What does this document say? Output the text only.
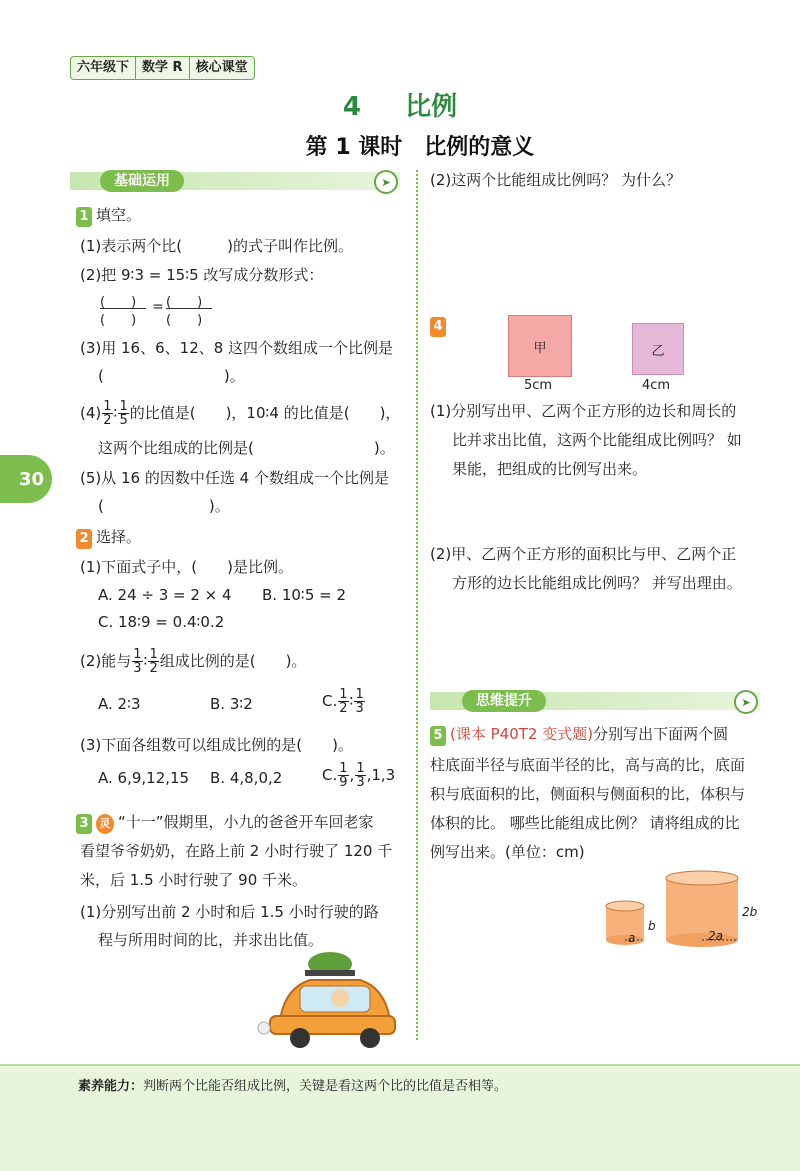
六年级下	数学 R	核心课堂
4 比例
第 1 课时　比例的意义
基础运用	➤
30
1 填空。
(1)表示两个比(　　　)的式子叫作比例。
(2)把 9∶3 = 15∶5 改写成分数形式：
(　　)
(　　)
= (　　)
(　　)
(3)用 16、6、12、8 这四个数组成一个比例是
(　　　　　　　　)。
$(4) \frac{1}{2}$ ∶ $\frac{1}{5}$ 的比值是(　　)，10∶4 的比值是(　　)，
这两个比组成的比例是(　　　　　　　　)。
(5)从 16 的因数中任选 4 个数组成一个比例是
(　　　　　　　)。
2 选择。
(1)下面式子中，(　　)是比例。
A. 24 ÷ 3 = 2 × 4 B. 10∶5 = 2
C. 18∶9 = 0.4∶0.2
(2)能与 $\frac{1}{3}$ ∶ $\frac{1}{2}$ 组成比例的是(　　)。
A. 2∶3	B. 3∶2	C. $\frac{1}{2}$ ∶ $\frac{1}{3}$
(3)下面各组数可以组成比例的是(　　)。
A. 6,9,12,15 B. 4,8,0,2	C. $\frac{1}{9}$ , $\frac{1}{3} ,1,3$
3 灵 “十一”假期里，小九的爸爸开车回老家
看望爷爷奶奶，在路上前 2 小时行驶了 120 千
米，后 1.5 小时行驶了 90 千米。
(1)分别写出前 2 小时和后 1.5 小时行驶的路
程与所用时间的比，并求出比值。
(2)这两个比能组成比例吗？ 为什么？
4
甲	乙
5cm	4cm
(1)分别写出甲、乙两个正方形的边长和周长的
比并求出比值，这两个比能组成比例吗？ 如
果能，把组成的比例写出来。
(2)甲、乙两个正方形的面积比与甲、乙两个正
方形的边长比能组成比例吗？ 并写出理由。
思维提升	➤
5 (课本 P40T2 变式题)分别写出下面两个圆
柱底面半径与底面半径的比，高与高的比，底面
积与底面积的比，侧面积与侧面积的比，体积与
体积的比。 哪些比能组成比例？ 请将组成的比
例写出来。(单位：cm)
a
b
2a
2b
素养能力：判断两个比能否组成比例，关键是看这两个比的比值是否相等。
